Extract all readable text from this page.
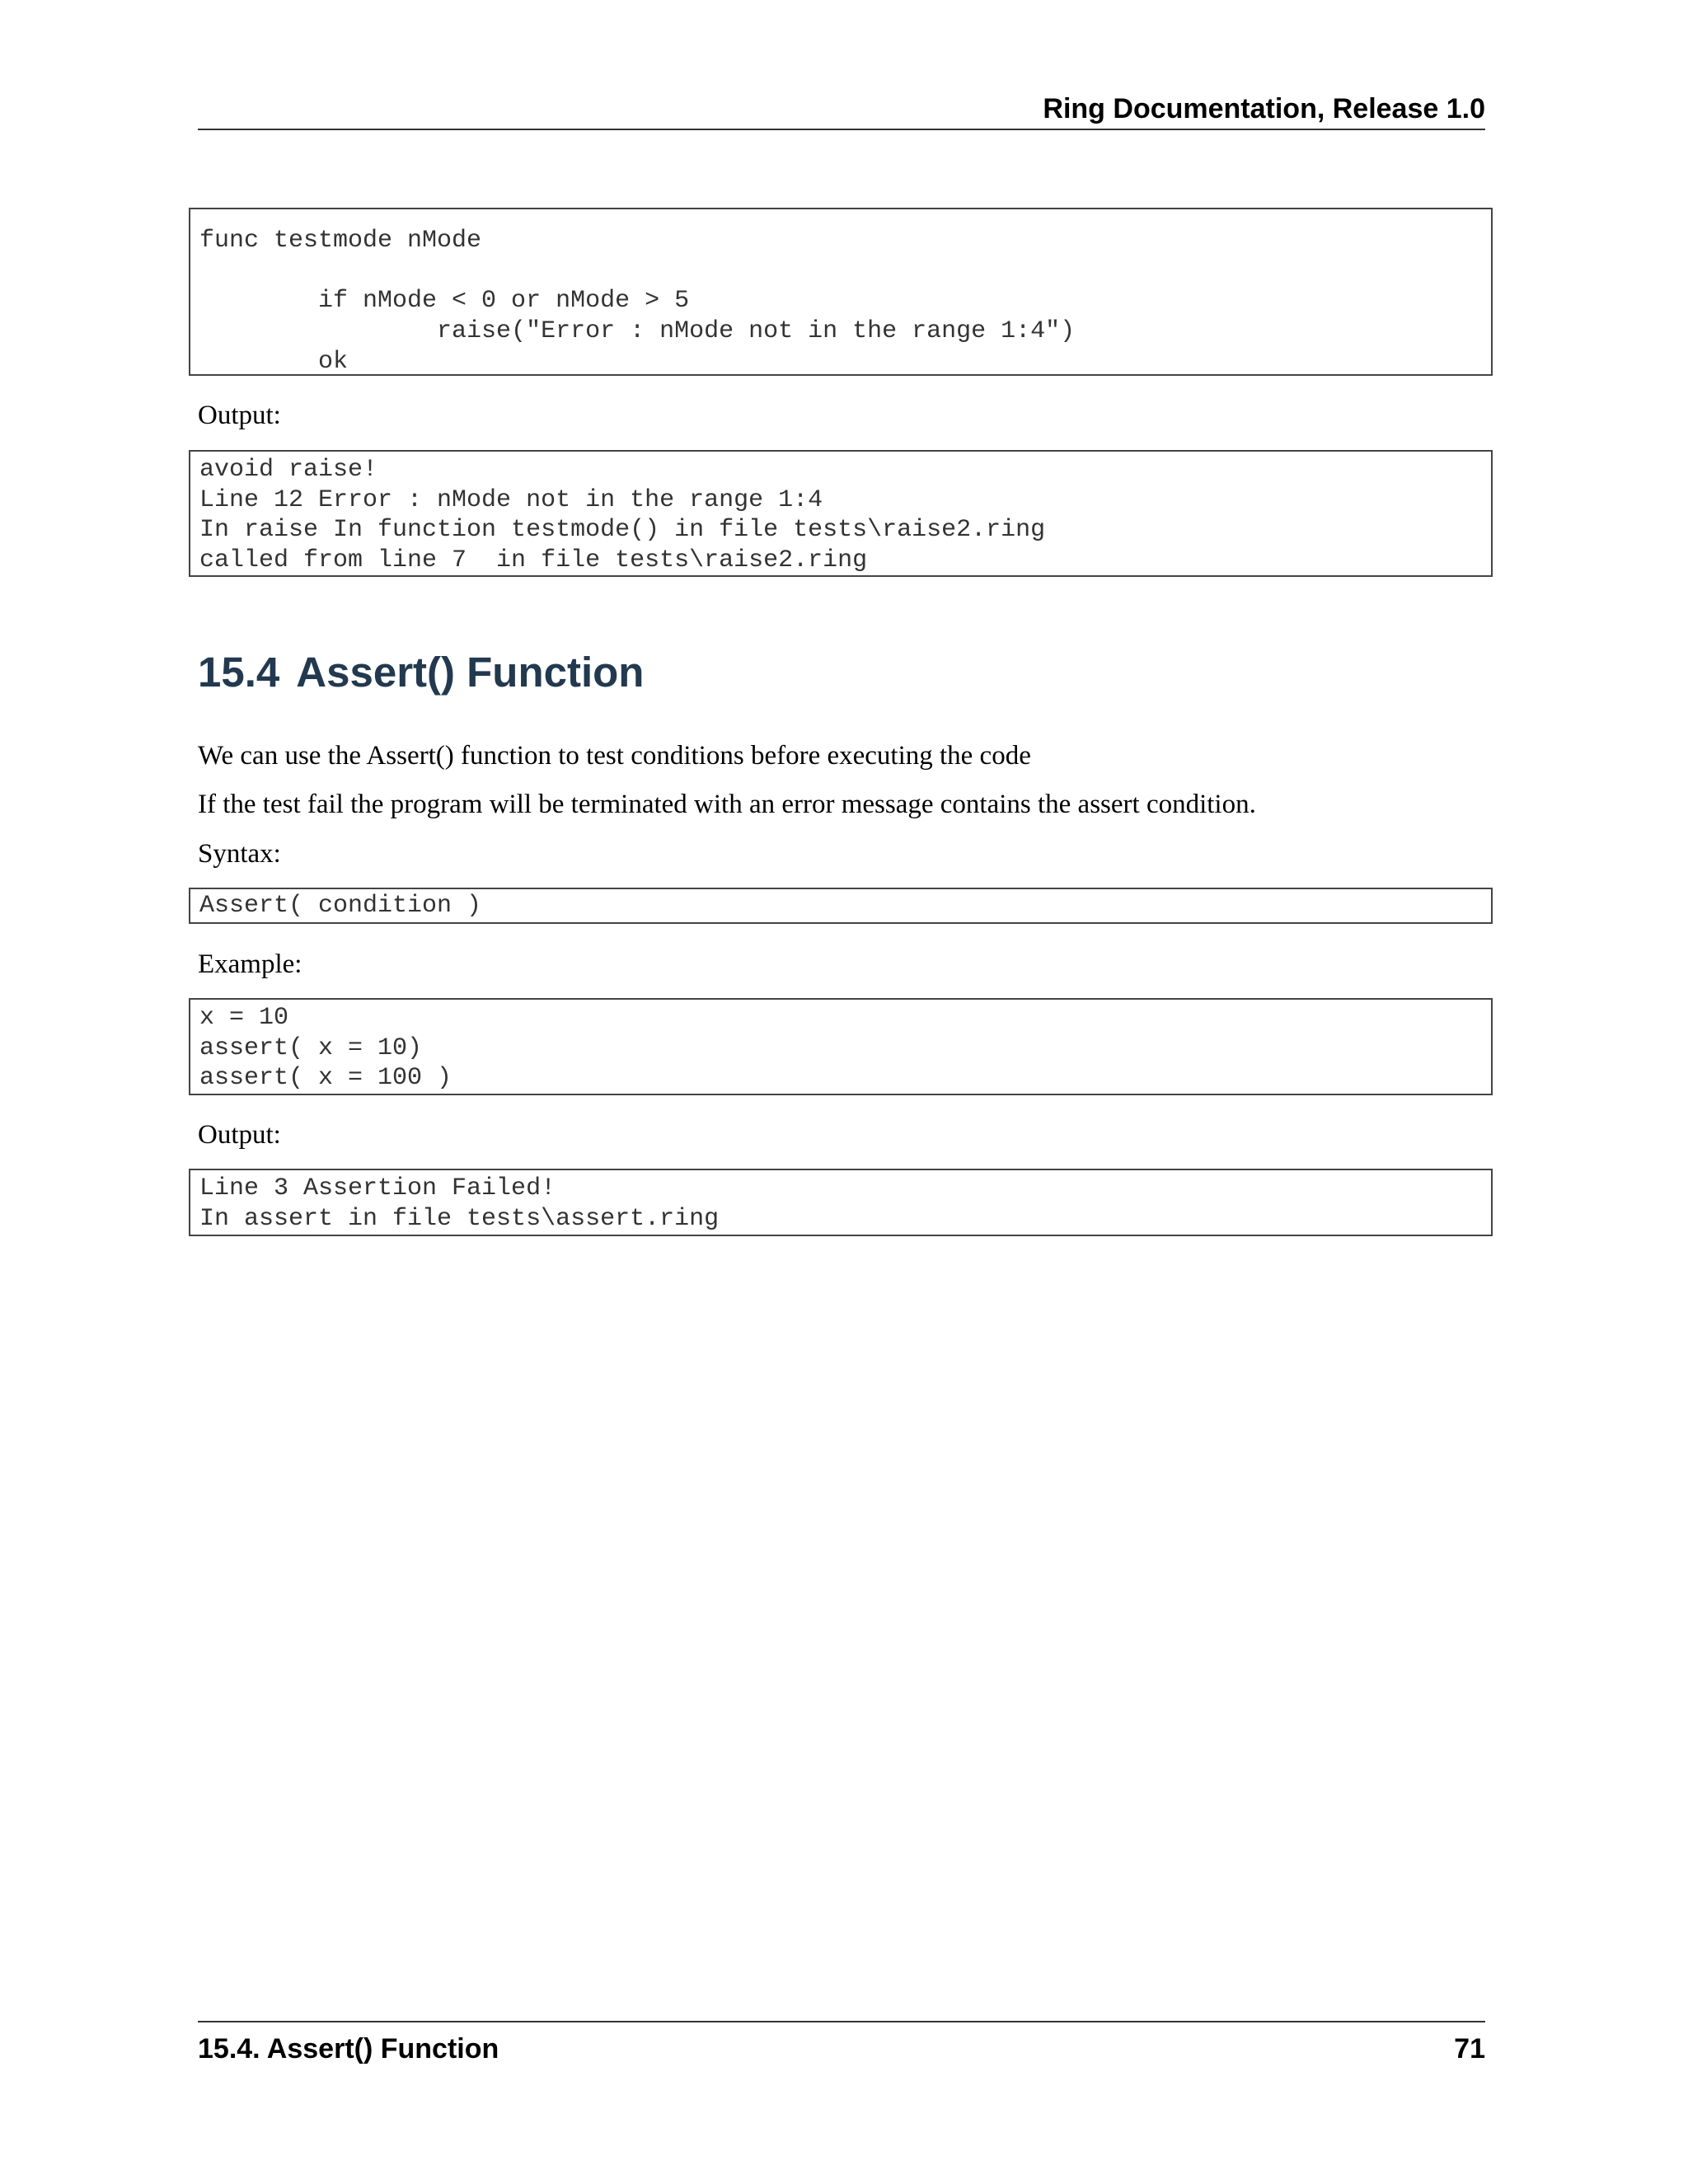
Ring Documentation, Release 1.0
func testmode nMode

if nMode < 0 or nMode > 5
raise("Error : nMode not in the range 1:4")
ok
Output:
avoid raise!
Line 12 Error : nMode not in the range 1:4
In raise In function testmode() in file tests\raise2.ring
called from line 7  in file tests\raise2.ring
15.4 Assert() Function
We can use the Assert() function to test conditions before executing the code
If the test fail the program will be terminated with an error message contains the assert condition.
Syntax:
Assert( condition )
Example:
x = 10
assert( x = 10)
assert( x = 100 )
Output:
Line 3 Assertion Failed!
In assert in file tests\assert.ring
15.4. Assert() Function	71
